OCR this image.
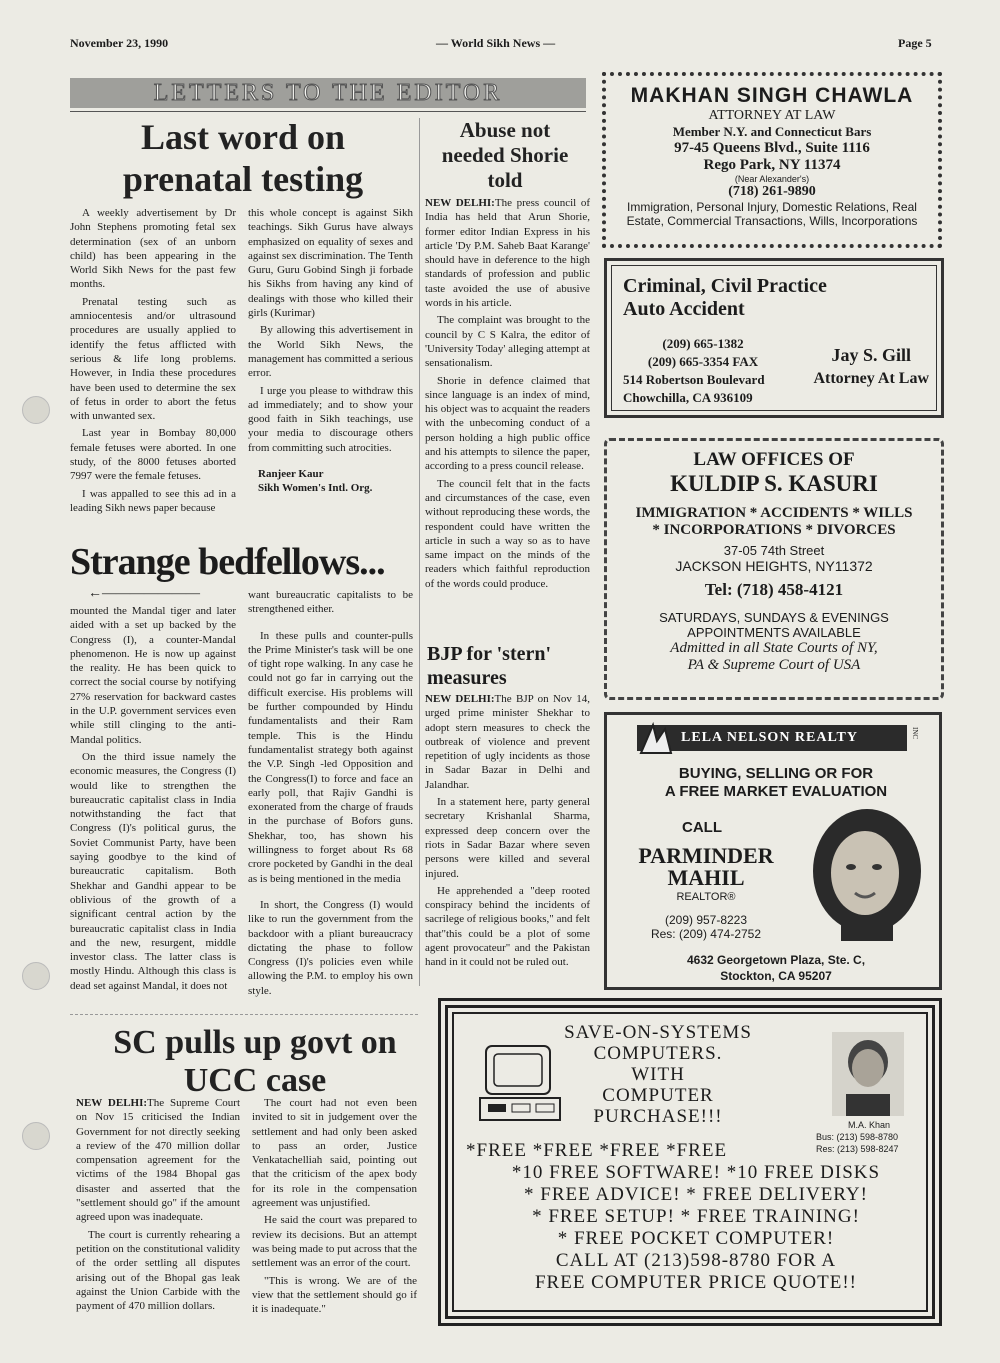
November 23, 1990	— World Sikh News —	Page 5
LETTERS TO THE EDITOR
Last word on prenatal testing

A weekly advertisement by Dr John Stephens promoting fetal sex determination (sex of an unborn child) has been appearing in the World Sikh News for the past few months.

Prenatal testing such as amniocentesis and/or ultrasound procedures are usually applied to identify the fetus afflicted with serious & life long problems. However, in India these procedures have been used to determine the sex of fetus in order to abort the fetus with unwanted sex.

Last year in Bombay 80,000 female fetuses were aborted. In one study, of the 8000 fetuses aborted 7997 were the female fetuses.

I was appalled to see this ad in a leading Sikh news paper because

this whole concept is against Sikh teachings. Sikh Gurus have always emphasized on equality of sexes and against sex discrimination. The Tenth Guru, Guru Gobind Singh ji forbade his Sikhs from having any kind of dealings with those who killed their girls (Kurimar)

By allowing this advertisement in the World Sikh News, the management has committed a serious error.

I urge you please to withdraw this ad immediately; and to show your good faith in Sikh teachings, use your media to discourage others from committing such atrocities.

Ranjeer Kaur
Sikh Women's Intl. Org.
Abuse not needed Shorie told

NEW DELHI:The press council of India has held that Arun Shorie, former editor Indian Express in his article 'Dy P.M. Saheb Baat Karange' should have in deference to the high standards of profession and public taste avoided the use of abusive words in his article.

The complaint was brought to the council by C S Kalra, the editor of 'University Today' alleging attempt at sensationalism.

Shorie in defence claimed that since language is an index of mind, his object was to acquaint the readers with the unbecoming conduct of a person holding a high public office and his attempts to silence the paper, according to a press council release.

The council felt that in the facts and circumstances of the case, even without reproducing these words, the respondent could have written the article in such a way so as to have same impact on the minds of the readers which faithful reproduction of the words could produce.

Strange bedfellows...
←———————

mounted the Mandal tiger and later aided with a set up backed by the Congress (I), a counter-Mandal phenomenon. He is now up against the reality. He has been quick to correct the social course by notifying 27% reservation for backward castes in the U.P. government services even while still clinging to the anti-Mandal politics.

On the third issue namely the economic measures, the Congress (I) would like to strengthen the bureaucratic capitalist class in India notwithstanding the fact that Congress (I)'s political gurus, the Soviet Communist Party, have been saying goodbye to the kind of bureaucratic capitalism. Both Shekhar and Gandhi appear to be oblivious of the growth of a significant central action by the bureaucratic capitalist class in India and the new, resurgent, middle investor class. The latter class is mostly Hindu. Although this class is dead set against Mandal, it does not

want bureaucratic capitalists to be strengthened either.

In these pulls and counter-pulls the Prime Minister's task will be one of tight rope walking. In any case he could not go far in carrying out the difficult exercise. His problems will be further compounded by Hindu fundamentalists and their Ram temple. This is the Hindu fundamentalist strategy both against the V.P. Singh -led Opposition and the Congress(I) to force and face an early poll, that Rajiv Gandhi is exonerated from the charge of frauds in the purchase of Bofors guns. Shekhar, too, has shown his willingness to forget about Rs 68 crore pocketed by Gandhi in the deal as is being mentioned in the media

In short, the Congress (I) would like to run the government from the backdoor with a pliant bureaucracy dictating the phase to follow Congress (I)'s policies even while allowing the P.M. to employ his own style.

BJP for 'stern' measures

NEW DELHI:The BJP on Nov 14, urged prime minister Shekhar to adopt stern measures to check the outbreak of violence and prevent repetition of ugly incidents as those in Sadar Bazar in Delhi and Jalandhar.

In a statement here, party general secretary Krishanlal Sharma, expressed deep concern over the riots in Sadar Bazar where seven persons were killed and several injured.

He apprehended a "deep rooted conspiracy behind the incidents of sacrilege of religious books," and felt that"this could be a plot of some agent provocateur" and the Pakistan hand in it could not be ruled out.

SC pulls up govt on UCC case

NEW DELHI:The Supreme Court on Nov 15 criticised the Indian Government for not directly seeking a review of the 470 million dollar compensation agreement for the victims of the 1984 Bhopal gas disaster and asserted that the "settlement should go" if the amount agreed upon was inadequate.

The court is currently rehearing a petition on the constitutional validity of the order settling all disputes arising out of the Bhopal gas leak against the Union Carbide with the payment of 470 million dollars.

The court had not even been invited to sit in judgement over the settlement and had only been asked to pass an order, Justice Venkatachelliah said, pointing out that the criticism of the apex body for its role in the compensation agreement was unjustified.

He said the court was prepared to review its decisions. But an attempt was being made to put across that the settlement was an error of the court.

"This is wrong. We are of the view that the settlement should go if it is inadequate."

MAKHAN SINGH CHAWLA
ATTORNEY AT LAW
Member N.Y. and Connecticut Bars
97-45 Queens Blvd., Suite 1116
Rego Park, NY 11374
(Near Alexander's)
(718) 261-9890
Immigration, Personal Injury, Domestic Relations, Real Estate, Commercial Transactions, Wills, Incorporations
Criminal, Civil Practice
Auto Accident
(209) 665-1382
(209) 665-3354 FAX
514 Robertson Boulevard
Chowchilla, CA 936109
Jay S. Gill
Attorney At Law
LAW OFFICES OF
KULDIP S. KASURI
IMMIGRATION * ACCIDENTS * WILLS
* INCORPORATIONS * DIVORCES
37-05 74th Street
JACKSON HEIGHTS, NY11372
Tel: (718) 458-4121
SATURDAYS, SUNDAYS & EVENINGS
APPOINTMENTS AVAILABLE
Admitted in all State Courts of NY,
PA & Supreme Court of USA
LELA NELSON REALTY	INC
BUYING, SELLING OR FOR
A FREE MARKET EVALUATION
CALL
PARMINDER
MAHIL
REALTOR®
(209) 957-8223
Res: (209) 474-2752
4632 Georgetown Plaza, Ste. C,
Stockton, CA 95207
SAVE-ON-SYSTEMS
COMPUTERS.
WITH
COMPUTER
PURCHASE!!!	M.A. Khan
Bus: (213) 598-8780
Res: (213) 598-8247
*FREE *FREE *FREE *FREE
*10 FREE SOFTWARE! *10 FREE DISKS
* FREE ADVICE! * FREE DELIVERY!
* FREE SETUP! * FREE TRAINING!
* FREE POCKET COMPUTER!
CALL AT (213)598-8780 FOR A
FREE COMPUTER PRICE QUOTE!!
